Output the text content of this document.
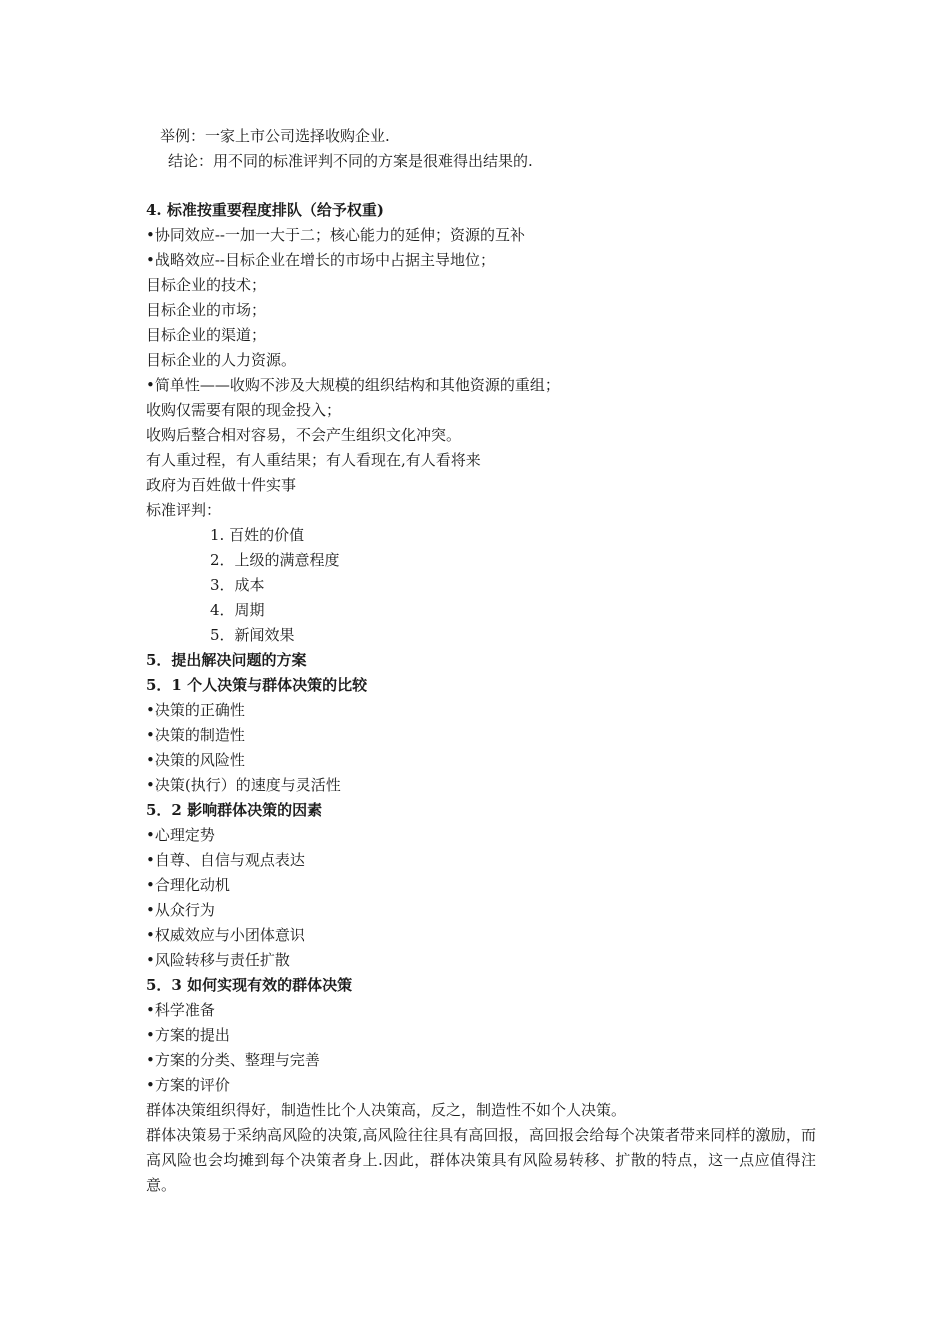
举例：一家上市公司选择收购企业.
结论：用不同的标准评判不同的方案是很难得出结果的.
4. 标准按重要程度排队（给予权重)
•协同效应--一加一大于二；核心能力的延伸；资源的互补
•战略效应--目标企业在增长的市场中占据主导地位；
目标企业的技术；
目标企业的市场；
目标企业的渠道；
目标企业的人力资源。
•简单性——收购不涉及大规模的组织结构和其他资源的重组；
收购仅需要有限的现金投入；
收购后整合相对容易，不会产生组织文化冲突。
有人重过程，有人重结果；有人看现在,有人看将来
政府为百姓做十件实事
标准评判：
1. 百姓的价值
2．上级的满意程度
3．成本
4．周期
5．新闻效果
5．提出解决问题的方案
5．1 个人决策与群体决策的比较
•决策的正确性
•决策的制造性
•决策的风险性
•决策(执行）的速度与灵活性
5．2 影响群体决策的因素
•心理定势
•自尊、自信与观点表达
•合理化动机
•从众行为
•权威效应与小团体意识
•风险转移与责任扩散
5．3 如何实现有效的群体决策
•科学准备
•方案的提出
•方案的分类、整理与完善
•方案的评价
群体决策组织得好，制造性比个人决策高，反之，制造性不如个人决策。
群体决策易于采纳高风险的决策,高风险往往具有高回报，高回报会给每个决策者带来同样的激励，而高风险也会均摊到每个决策者身上.因此，群体决策具有风险易转移、扩散的特点，这一点应值得注意。
